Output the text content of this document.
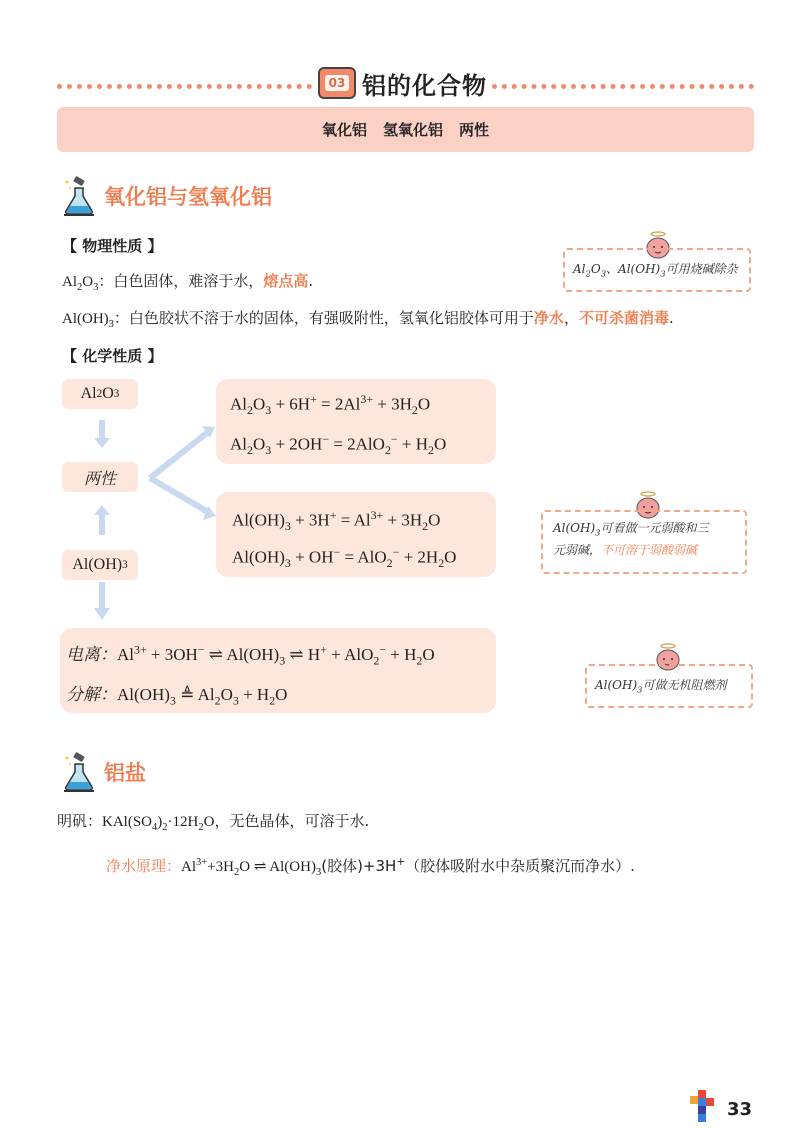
03 铝的化合物
氧化铝 氢氧化铝 两性
氧化铝与氢氧化铝
【 物理性质 】
$Al_2O_3$：白色固体，难溶于水，熔点高.
$Al(OH)_3$：白色胶状不溶于水的固体，有强吸附性，氢氧化铝胶体可用于净水，不可杀菌消毒.
【 化学性质 】
Al 2 O 3
两性
Al(OH) 3
$Al_2O_3 + 6H^+ = 2Al^{3+} + 3H_2O$
$Al_2O_3 + 2OH^- = 2AlO_2^- + H_2O$
$Al(OH)_3 + 3H^+ = Al^{3+} + 3H_2O$
$Al(OH)_3 + OH^- = AlO_2^- + 2H_2O$
电离：$Al^{3+} + 3OH^-$ ⇌ $Al(OH)_3$ ⇌ $H^+ + AlO_2^- + H_2O$
分解：$Al(OH)_3$ ≜ $Al_2O_3 + H_2O$
$Al_2O_3$、$Al(OH)_3$可用烧碱除杂
$Al(OH)_3$可看做一元弱酸和三
元弱碱，不可溶于弱酸弱碱
$Al(OH)_3$可做无机阻燃剂
铝盐
明矾：$KAl(SO_4)_2\cdot 12H_2O$，无色晶体，可溶于水.
净水原理：$Al^{3+}+3H_2O$ ⇌ $Al(OH)_3$(胶体)+3H+（胶体吸附水中杂质聚沉而净水）.
33
